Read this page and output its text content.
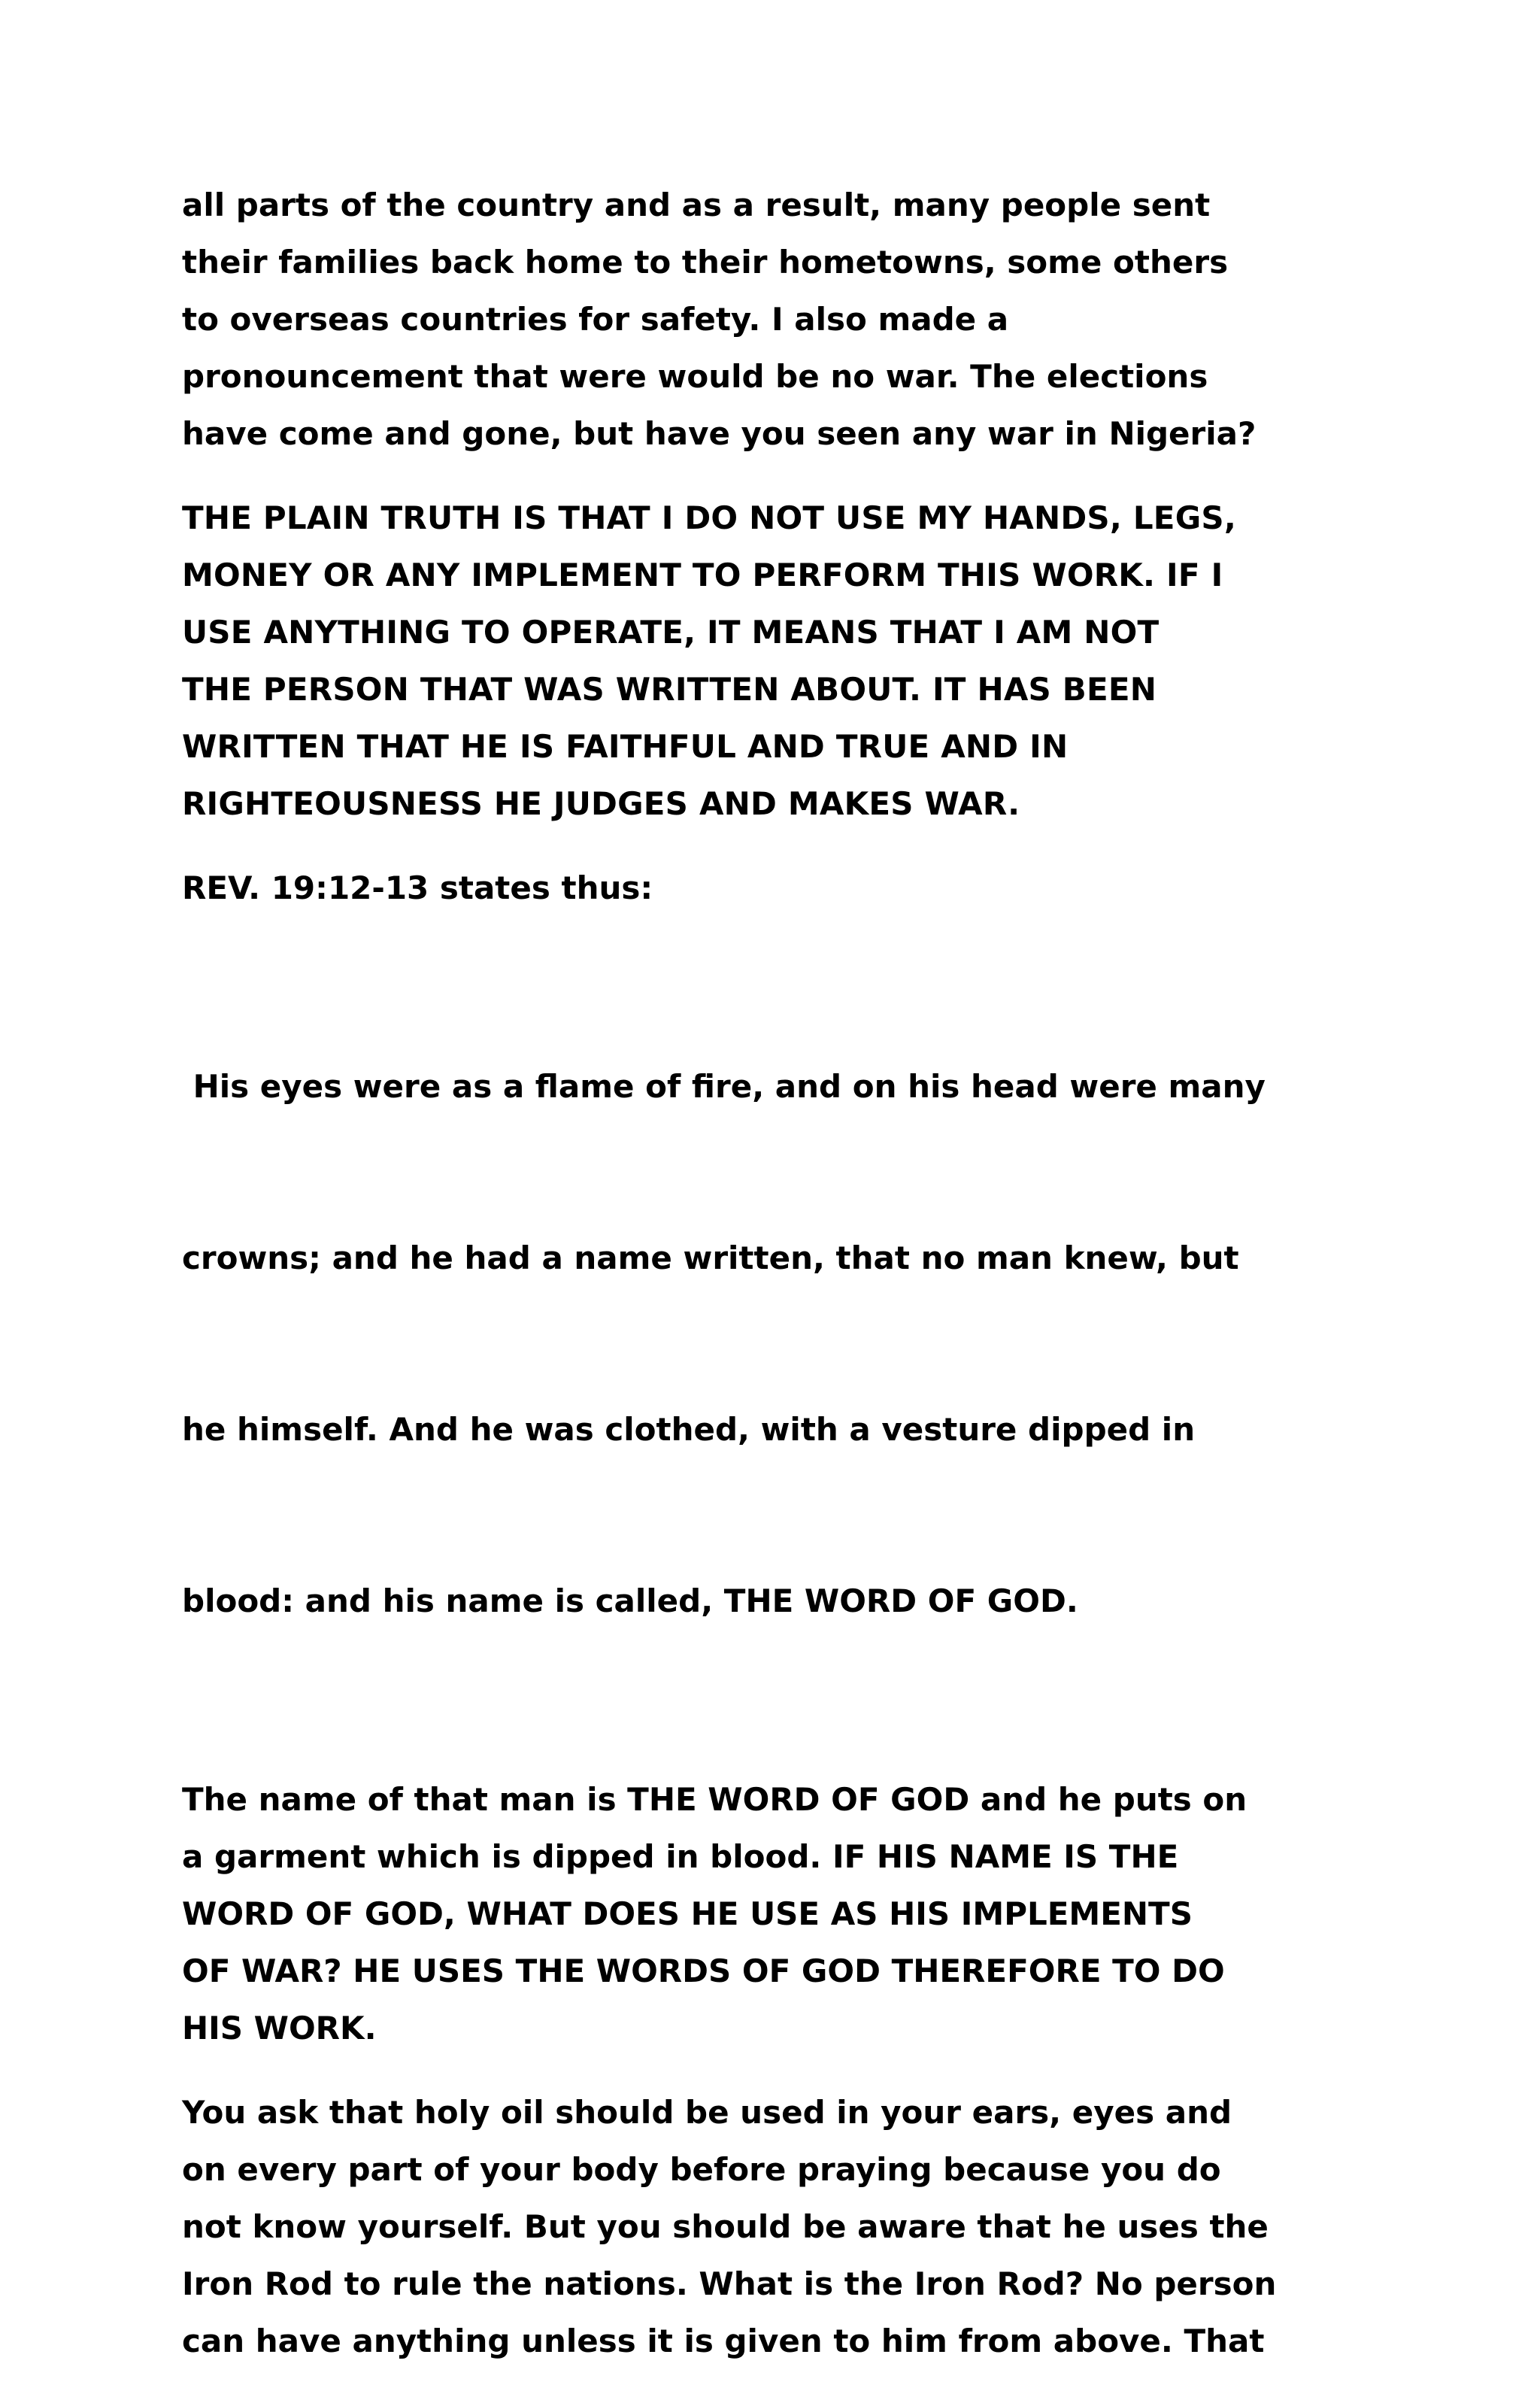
all parts of the country and as a result, many people sent
their families back home to their hometowns, some others
to overseas countries for safety. I also made a
pronouncement that were would be no war. The elections
have come and gone, but have you seen any war in Nigeria?

THE PLAIN TRUTH IS THAT I DO NOT USE MY HANDS, LEGS,
MONEY OR ANY IMPLEMENT TO PERFORM THIS WORK. IF I
USE ANYTHING TO OPERATE, IT MEANS THAT I AM NOT
THE PERSON THAT WAS WRITTEN ABOUT. IT HAS BEEN
WRITTEN THAT HE IS FAITHFUL AND TRUE AND IN
RIGHTEOUSNESS HE JUDGES AND MAKES WAR.

REV. 19:12-13 states thus:

His eyes were as a flame of fire, and on his head were many

crowns; and he had a name written, that no man knew, but

he himself. And he was clothed, with a vesture dipped in

blood: and his name is called, THE WORD OF GOD.

The name of that man is THE WORD OF GOD and he puts on
a garment which is dipped in blood. IF HIS NAME IS THE
WORD OF GOD, WHAT DOES HE USE AS HIS IMPLEMENTS
OF WAR? HE USES THE WORDS OF GOD THEREFORE TO DO
HIS WORK.

You ask that holy oil should be used in your ears, eyes and
on every part of your body before praying because you do
not know yourself. But you should be aware that he uses the
Iron Rod to rule the nations. What is the Iron Rod? No person
can have anything unless it is given to him from above. That
